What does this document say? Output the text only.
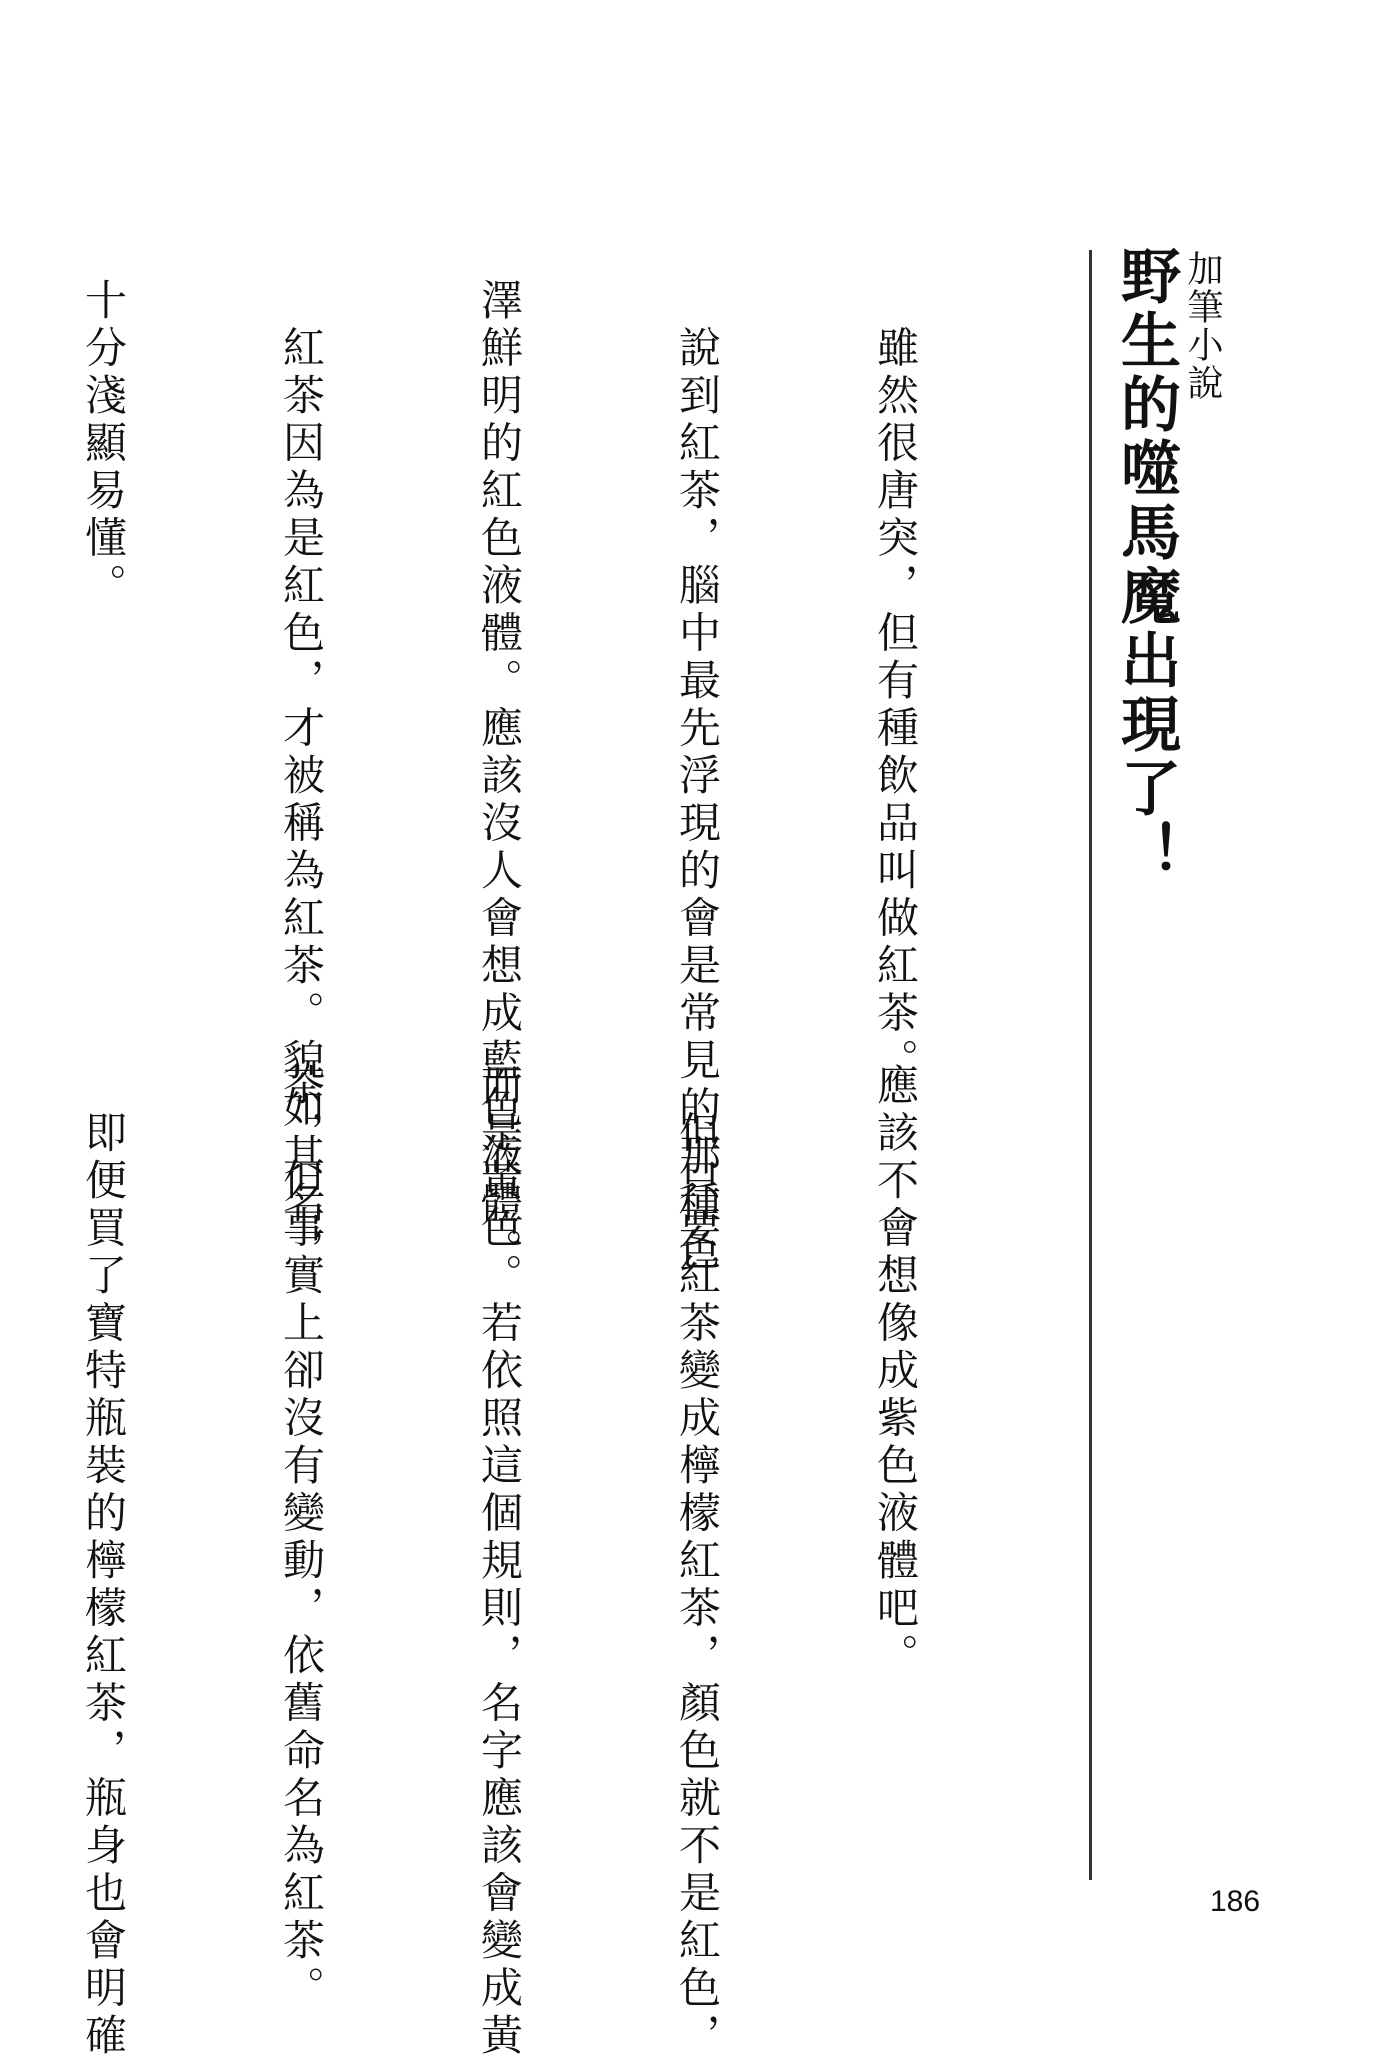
加筆小說
野生的噬馬魔出現了！

　雖然很唐突，但有種飲品叫做紅茶。

　說到紅茶，腦中最先浮現的會是常見的那種色

澤鮮明的紅色液體。應該沒人會想成藍色液體。

　紅茶因為是紅色，才被稱為紅茶。貌如其名，

十分淺顯易懂。

應該不會想像成紫色液體吧。

　但只要紅茶變成檸檬紅茶，顏色就不是紅色，

而是黃色。若依照這個規則，名字應該會變成黃

茶，但事實上卻沒有變動，依舊命名為紅茶。

　即便買了寶特瓶裝的檸檬紅茶，瓶身也會明確

	186
